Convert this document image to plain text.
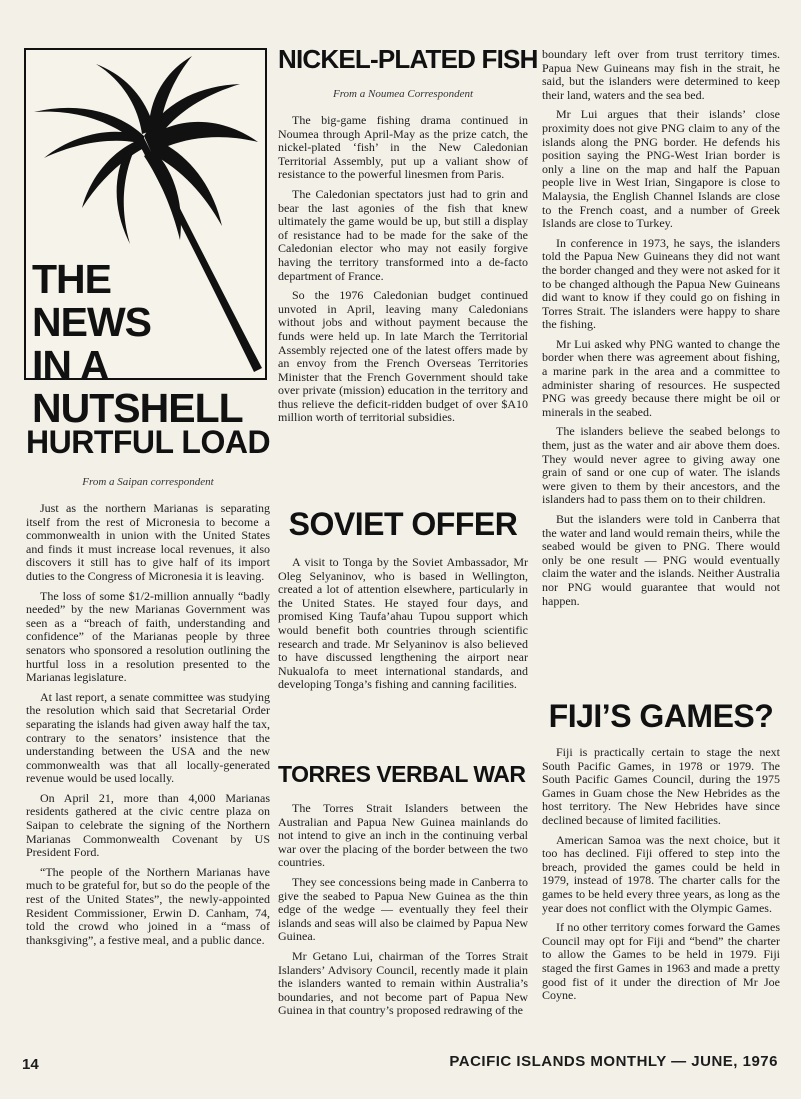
THE
NEWS
IN A
NUTSHELL
HURTFUL LOAD
From a Saipan correspondent

Just as the northern Marianas is separating itself from the rest of Micronesia to become a commonwealth in union with the United States and finds it must increase local revenues, it also discovers it still has to give half of its import duties to the Congress of Micronesia it is leaving.

The loss of some $1/2-million annually “badly needed” by the new Marianas Government was seen as a “breach of faith, understanding and confidence” of the Marianas people by three senators who sponsored a resolution outlining the hurtful loss in a resolution presented to the Marianas legislature.

At last report, a senate committee was studying the resolution which said that Secretarial Order separating the islands had given away half the tax, contrary to the senators’ insistence that the understanding between the USA and the new commonwealth was that all locally-generated revenue would be used locally.

On April 21, more than 4,000 Marianas residents gathered at the civic centre plaza on Saipan to celebrate the signing of the Northern Marianas Commonwealth Covenant by US President Ford.

“The people of the Northern Marianas have much to be grateful for, but so do the people of the rest of the United States”, the newly-appointed Resident Commissioner, Erwin D. Canham, 74, told the crowd who joined in a “mass of thanksgiving”, a festive meal, and a public dance.

NICKEL-PLATED FISH
From a Noumea Correspondent

The big-game fishing drama continued in Noumea through April-May as the prize catch, the nickel-plated ‘fish’ in the New Caledonian Territorial Assembly, put up a valiant show of resistance to the powerful linesmen from Paris.

The Caledonian spectators just had to grin and bear the last agonies of the fish that knew ultimately the game would be up, but still a display of resistance had to be made for the sake of the Caledonian elector who may not easily forgive having the territory transformed into a de-facto department of France.

So the 1976 Caledonian budget continued unvoted in April, leaving many Caledonians without jobs and without payment because the funds were held up. In late March the Territorial Assembly rejected one of the latest offers made by an envoy from the French Overseas Territories Minister that the French Government should take over private (mission) education in the territory and thus relieve the deficit-ridden budget of over $A10 million worth of territorial subsidies.

SOVIET OFFER

A visit to Tonga by the Soviet Ambassador, Mr Oleg Selyaninov, who is based in Wellington, created a lot of attention elsewhere, particularly in the United States. He stayed four days, and promised King Taufa’ahau Tupou support which would benefit both countries through scientific research and trade. Mr Selyaninov is also believed to have discussed lengthening the airport near Nukualofa to meet international standards, and developing Tonga’s fishing and canning facilities.

TORRES VERBAL WAR

The Torres Strait Islanders between the Australian and Papua New Guinea mainlands do not intend to give an inch in the continuing verbal war over the placing of the border between the two countries.

They see concessions being made in Canberra to give the seabed to Papua New Guinea as the thin edge of the wedge — eventually they feel their islands and seas will also be claimed by Papua New Guinea.

Mr Getano Lui, chairman of the Torres Strait Islanders’ Advisory Council, recently made it plain the islanders wanted to remain within Australia’s boundaries, and not become part of Papua New Guinea in that country’s proposed redrawing of the

boundary left over from trust territory times. Papua New Guineans may fish in the strait, he said, but the islanders were determined to keep their land, waters and the sea bed.

Mr Lui argues that their islands’ close proximity does not give PNG claim to any of the islands along the PNG border. He defends his position saying the PNG-West Irian border is only a line on the map and half the Papuan people live in West Irian, Singapore is close to Malaysia, the English Channel Islands are close to the French coast, and a number of Greek Islands are close to Turkey.

In conference in 1973, he says, the islanders told the Papua New Guineans they did not want the border changed and they were not asked for it to be changed although the Papua New Guineans did want to know if they could go on fishing in Torres Strait. The islanders were happy to share the fishing.

Mr Lui asked why PNG wanted to change the border when there was agreement about fishing, a marine park in the area and a committee to administer sharing of resources. He suspected PNG was greedy because there might be oil or minerals in the seabed.

The islanders believe the seabed belongs to them, just as the water and air above them does. They would never agree to giving away one grain of sand or one cup of water. The islands were given to them by their ancestors, and the islanders had to pass them on to their children.

But the islanders were told in Canberra that the water and land would remain theirs, while the seabed would be given to PNG. There would only be one result — PNG would eventually claim the water and the islands. Neither Australia nor PNG would guarantee that would not happen.

FIJI’S GAMES?

Fiji is practically certain to stage the next South Pacific Games, in 1978 or 1979. The South Pacific Games Council, during the 1975 Games in Guam chose the New Hebrides as the host territory. The New Hebrides have since declined because of limited facilities.

American Samoa was the next choice, but it too has declined. Fiji offered to step into the breach, provided the games could be held in 1979, instead of 1978. The charter calls for the games to be held every three years, as long as the year does not conflict with the Olympic Games.

If no other territory comes forward the Games Council may opt for Fiji and “bend” the charter to allow the Games to be held in 1979. Fiji staged the first Games in 1963 and made a pretty good fist of it under the direction of Mr Joe Coyne.

14	PACIFIC ISLANDS MONTHLY — JUNE, 1976
